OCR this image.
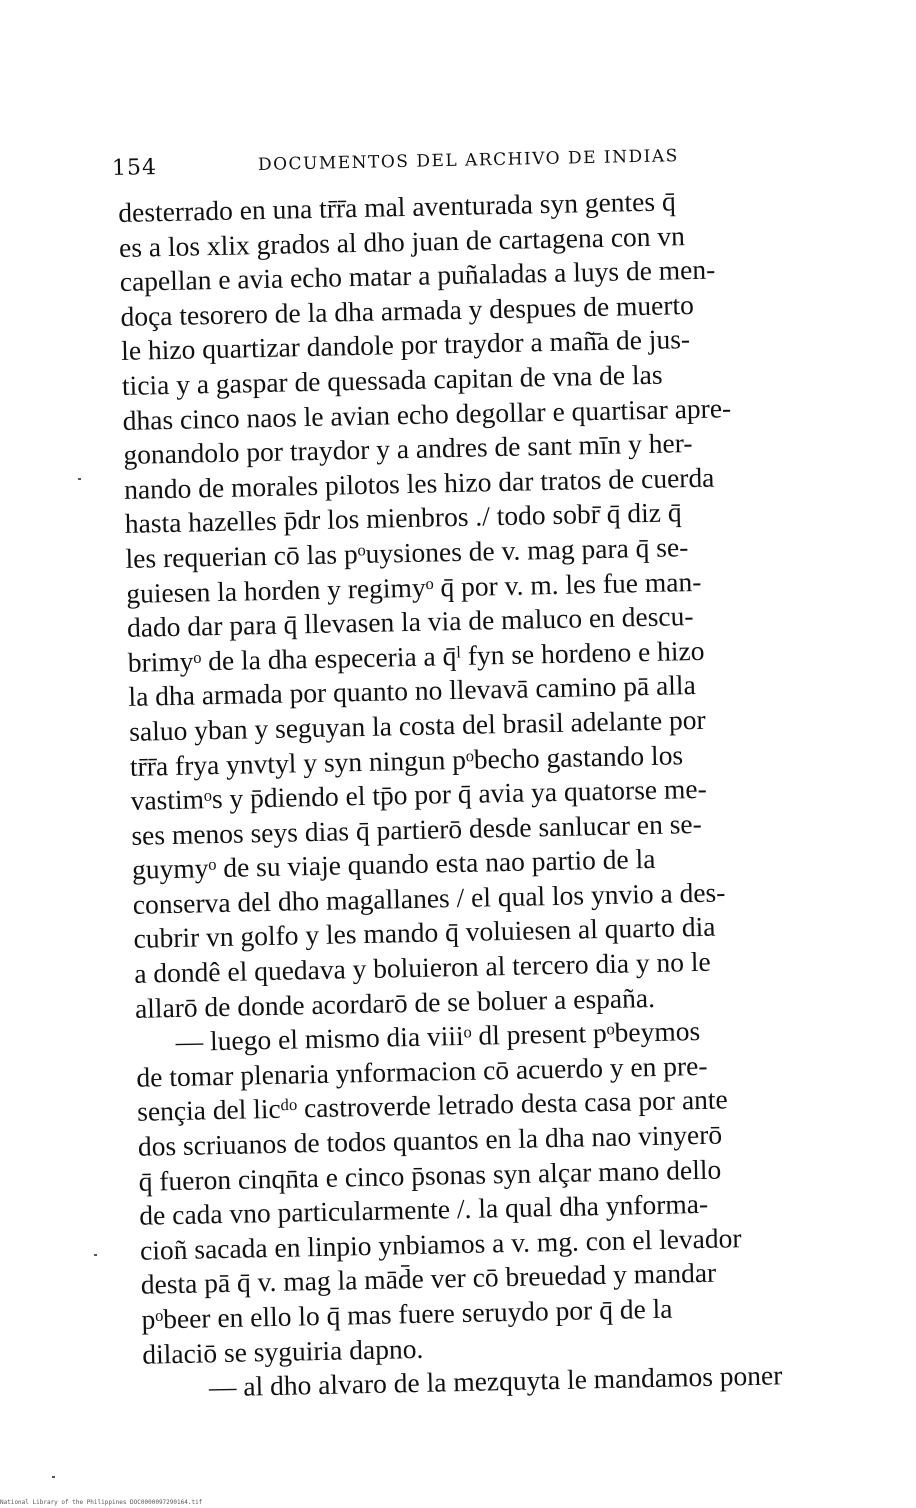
154	DOCUMENTOS DEL ARCHIVO DE INDIAS
desterrado en una tr̄r̄a mal aventurada syn gentes q̄
es a los xlix grados al dho juan de cartagena con vn
capellan e avia echo matar a puñaladas a luys de men-
doça tesorero de la dha armada y despues de muerto
le hizo quartizar dandole por traydor a mañ̄a de jus-
ticia y a gaspar de quessada capitan de vna de las
dhas cinco naos le avian echo degollar e quartisar apre-
gonandolo por traydor y a andres de sant mīn y her-
nando de morales pilotos les hizo dar tratos de cuerda
hasta hazelles p̄dr los mienbros ./ todo sobr̄ q̄ diz q̄
les requerian cō las pᵒuysiones de v. mag para q̄ se-
guiesen la horden y regimyᵒ q̄ por v. m. les fue man-
dado dar para q̄ llevasen la via de maluco en descu-
brimyᵒ de la dha especeria a q̄ˡ fyn se hordeno e hizo
la dha armada por quanto no llevavā camino pā alla
saluo yban y seguyan la costa del brasil adelante por
tr̄r̄a frya ynvtyl y syn ningun pᵒbecho gastando los
vastimᵒs y p̄diendo el tp̄o por q̄ avia ya quatorse me-
ses menos seys dias q̄ partierō desde sanlucar en se-
guymyᵒ de su viaje quando esta nao partio de la
conserva del dho magallanes / el qual los ynvio a des-
cubrir vn golfo y les mando q̄ voluiesen al quarto dia
a dondê el quedava y boluieron al tercero dia y no le
allarō de donde acordarō de se boluer a españa.
— luego el mismo dia viiiᵒ dl present pᵒbeymos
de tomar plenaria ynformacion cō acuerdo y en pre-
sençia del licᵈᵒ castroverde letrado desta casa por ante
dos scriuanos de todos quantos en la dha nao vinyerō
q̄ fueron cinqn̄ta e cinco p̄sonas syn alçar mano dello
de cada vno particularmente /. la qual dha ynforma-
cioñ sacada en linpio ynbiamos a v. mg. con el levador
desta pā q̄ v. mag la mād̄e ver cō breuedad y mandar
pᵒbeer en ello lo q̄ mas fuere seruydo por q̄ de la
dilaciō se syguiria dapno.
— al dho alvaro de la mezquyta le mandamos poner
National Library of the Philippines DOC0000097290164.tif
